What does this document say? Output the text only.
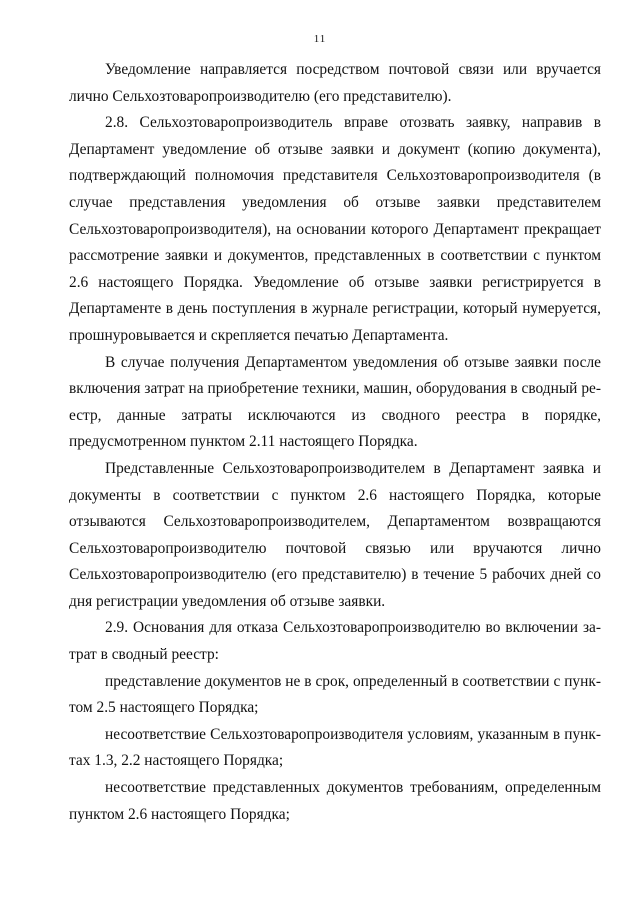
11

Уведомление направляется посредством почтовой связи или вручается лично Сельхозтоваропроизводителю (его представителю).

2.8. Сельхозтоваропроизводитель вправе отозвать заявку, направив в Департамент уведомление об отзыве заявки и документ (копию документа), подтверждающий полномочия представителя Сельхозтоваропроизводителя (в случае представления уведомления об отзыве заявки представителем Сельхозтоваропроизводителя), на основании которого Департамент прекращает рассмотрение заявки и документов, представленных в соответствии с пунктом 2.6 настоящего Порядка. Уведомление об отзыве заявки регистрируется в Департаменте в день поступления в журнале регистрации, который нумеруется, прошнуровывается и скрепляется печатью Департамента.

В случае получения Департаментом уведомления об отзыве заявки после включения затрат на приобретение техники, машин, оборудования в сводный реестр, данные затраты исключаются из сводного реестра в порядке, предусмотренном пунктом 2.11 настоящего Порядка.

Представленные Сельхозтоваропроизводителем в Департамент заявка и документы в соответствии с пунктом 2.6 настоящего Порядка, которые отзываются Сельхозтоваропроизводителем, Департаментом возвращаются Сельхозтоваропроизводителю почтовой связью или вручаются лично Сельхозтоваропроизводителю (его представителю) в течение 5 рабочих дней со дня регистрации уведомления об отзыве заявки.

2.9. Основания для отказа Сельхозтоваропроизводителю во включении затрат в сводный реестр:

представление документов не в срок, определенный в соответствии с пунктом 2.5 настоящего Порядка;

несоответствие Сельхозтоваропроизводителя условиям, указанным в пунктах 1.3, 2.2 настоящего Порядка;

несоответствие представленных документов требованиям, определенным пунктом 2.6 настоящего Порядка;
